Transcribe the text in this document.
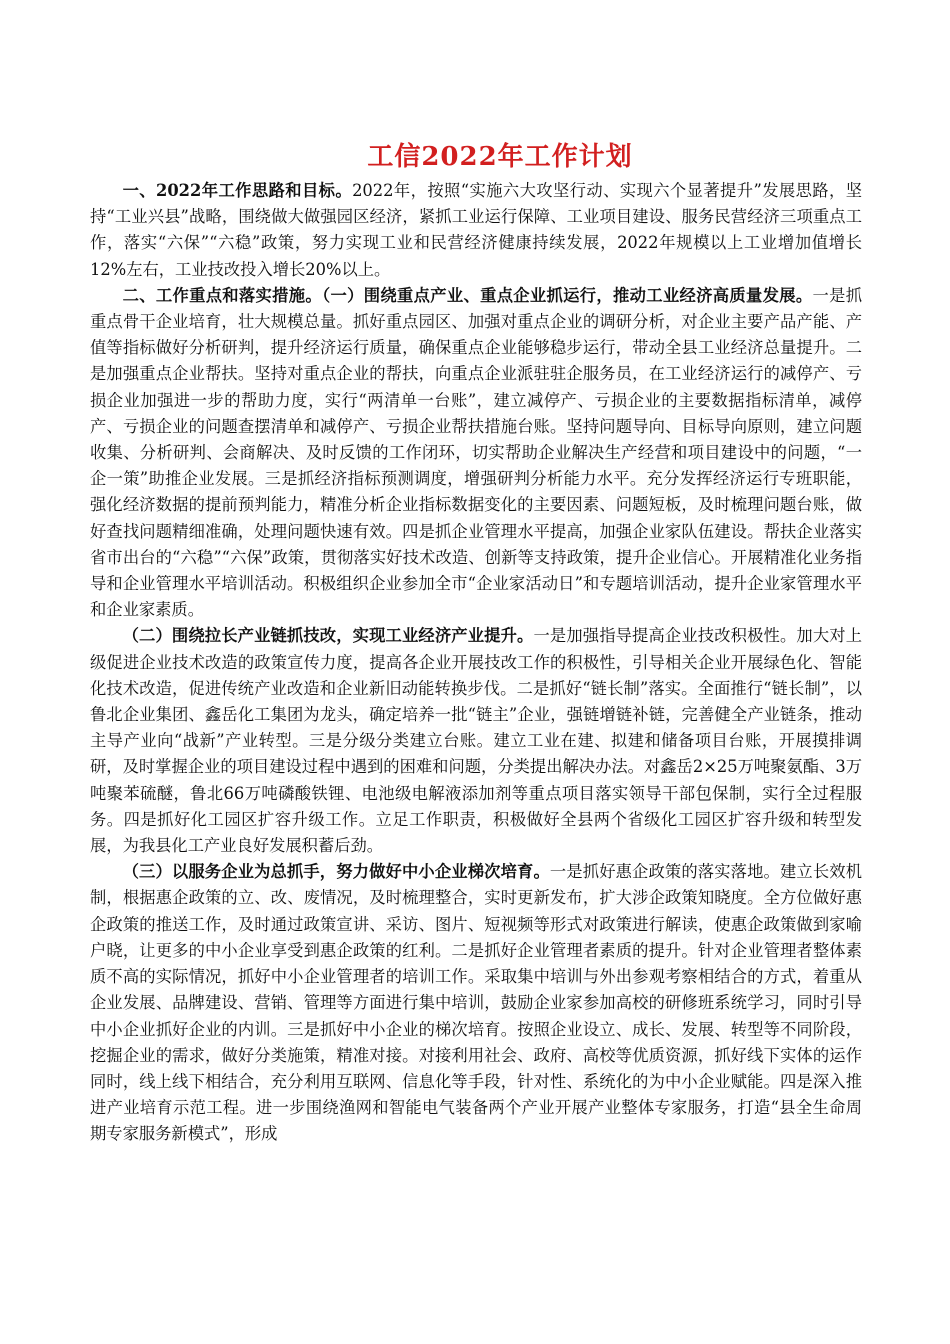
工信2022年工作计划

一、2022年工作思路和目标。2022年，按照“实施六大攻坚行动、实现六个显著提升”发展思路，坚持“工业兴县”战略，围绕做大做强园区经济，紧抓工业运行保障、工业项目建设、服务民营经济三项重点工作，落实“六保”“六稳”政策，努力实现工业和民营经济健康持续发展，2022年规模以上工业增加值增长12%左右，工业技改投入增长20%以上。

二、工作重点和落实措施。（一）围绕重点产业、重点企业抓运行，推动工业经济高质量发展。一是抓重点骨干企业培育，壮大规模总量。抓好重点园区、加强对重点企业的调研分析，对企业主要产品产能、产值等指标做好分析研判，提升经济运行质量，确保重点企业能够稳步运行，带动全县工业经济总量提升。二是加强重点企业帮扶。坚持对重点企业的帮扶，向重点企业派驻驻企服务员，在工业经济运行的减停产、亏损企业加强进一步的帮助力度，实行“两清单一台账”，建立减停产、亏损企业的主要数据指标清单，减停产、亏损企业的问题查摆清单和减停产、亏损企业帮扶措施台账。坚持问题导向、目标导向原则，建立问题收集、分析研判、会商解决、及时反馈的工作闭环，切实帮助企业解决生产经营和项目建设中的问题，“一企一策”助推企业发展。三是抓经济指标预测调度，增强研判分析能力水平。充分发挥经济运行专班职能，强化经济数据的提前预判能力，精准分析企业指标数据变化的主要因素、问题短板，及时梳理问题台账，做好查找问题精细准确，处理问题快速有效。四是抓企业管理水平提高，加强企业家队伍建设。帮扶企业落实省市出台的“六稳”“六保”政策，贯彻落实好技术改造、创新等支持政策，提升企业信心。开展精准化业务指导和企业管理水平培训活动。积极组织企业参加全市“企业家活动日”和专题培训活动，提升企业家管理水平和企业家素质。

（二）围绕拉长产业链抓技改，实现工业经济产业提升。一是加强指导提高企业技改积极性。加大对上级促进企业技术改造的政策宣传力度，提高各企业开展技改工作的积极性，引导相关企业开展绿色化、智能化技术改造，促进传统产业改造和企业新旧动能转换步伐。二是抓好“链长制”落实。全面推行“链长制”，以鲁北企业集团、鑫岳化工集团为龙头，确定培养一批“链主”企业，强链增链补链，完善健全产业链条，推动主导产业向“战新”产业转型。三是分级分类建立台账。建立工业在建、拟建和储备项目台账，开展摸排调研，及时掌握企业的项目建设过程中遇到的困难和问题，分类提出解决办法。对鑫岳2×25万吨聚氨酯、3万吨聚苯硫醚，鲁北66万吨磷酸铁锂、电池级电解液添加剂等重点项目落实领导干部包保制，实行全过程服务。四是抓好化工园区扩容升级工作。立足工作职责，积极做好全县两个省级化工园区扩容升级和转型发展，为我县化工产业良好发展积蓄后劲。

（三）以服务企业为总抓手，努力做好中小企业梯次培育。一是抓好惠企政策的落实落地。建立长效机制，根据惠企政策的立、改、废情况，及时梳理整合，实时更新发布，扩大涉企政策知晓度。全方位做好惠企政策的推送工作，及时通过政策宣讲、采访、图片、短视频等形式对政策进行解读，使惠企政策做到家喻户晓，让更多的中小企业享受到惠企政策的红利。二是抓好企业管理者素质的提升。针对企业管理者整体素质不高的实际情况，抓好中小企业管理者的培训工作。采取集中培训与外出参观考察相结合的方式，着重从企业发展、品牌建设、营销、管理等方面进行集中培训，鼓励企业家参加高校的研修班系统学习，同时引导中小企业抓好企业的内训。三是抓好中小企业的梯次培育。按照企业设立、成长、发展、转型等不同阶段，挖掘企业的需求，做好分类施策，精准对接。对接利用社会、政府、高校等优质资源，抓好线下实体的运作同时，线上线下相结合，充分利用互联网、信息化等手段，针对性、系统化的为中小企业赋能。四是深入推进产业培育示范工程。进一步围绕渔网和智能电气装备两个产业开展产业整体专家服务，打造“县全生命周期专家服务新模式”，形成
